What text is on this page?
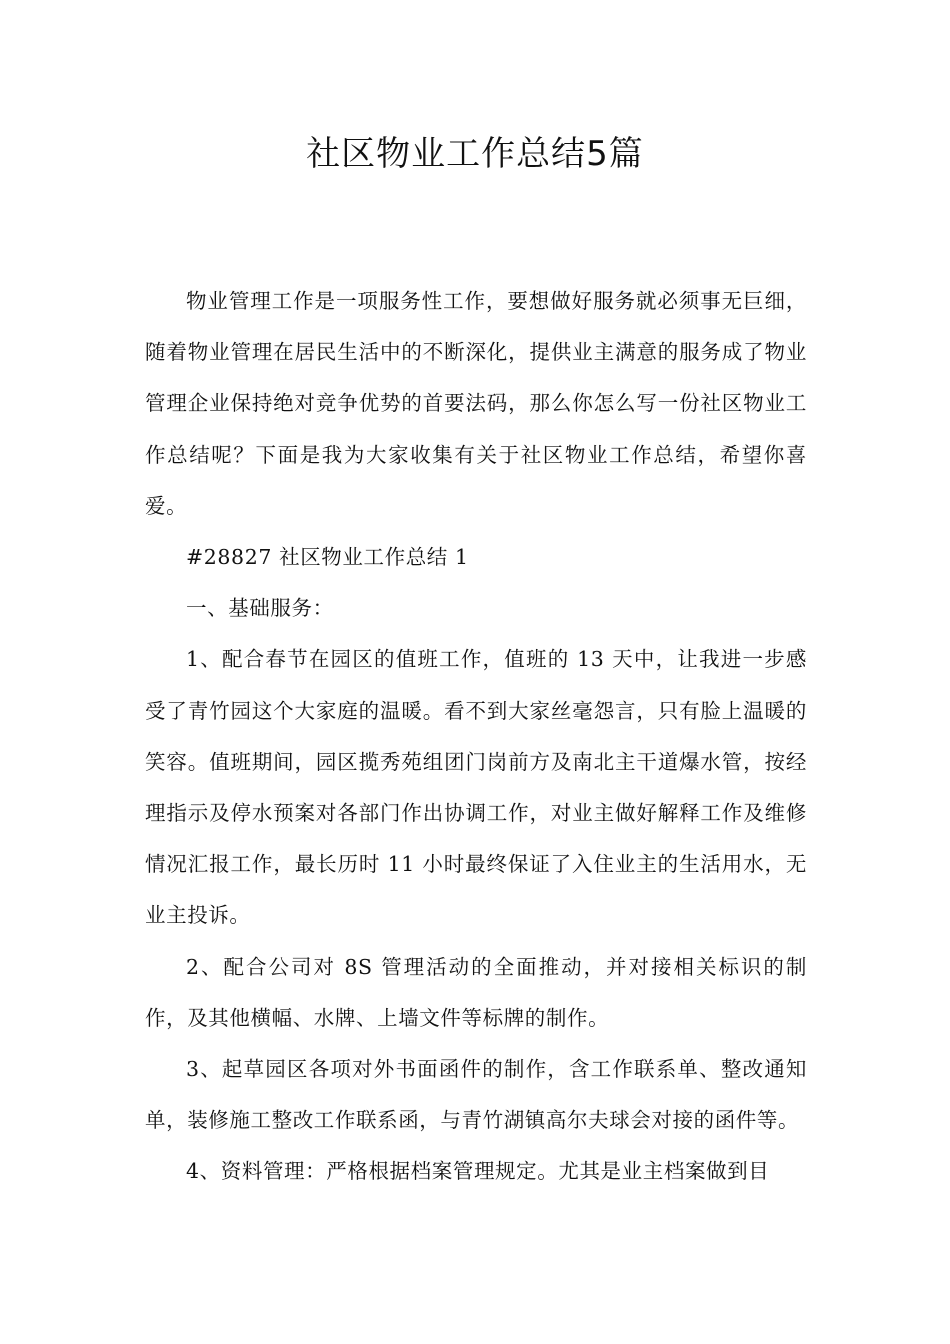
社区物业工作总结5篇

物业管理工作是一项服务性工作，要想做好服务就必须事无巨细，随着物业管理在居民生活中的不断深化，提供业主满意的服务成了物业管理企业保持绝对竞争优势的首要法码，那么你怎么写一份社区物业工作总结呢？下面是我为大家收集有关于社区物业工作总结，希望你喜爱。

#28827 社区物业工作总结 1

一、基础服务：

1、配合春节在园区的值班工作，值班的 13 天中，让我进一步感受了青竹园这个大家庭的温暖。看不到大家丝毫怨言，只有脸上温暖的笑容。值班期间，园区揽秀苑组团门岗前方及南北主干道爆水管，按经理指示及停水预案对各部门作出协调工作，对业主做好解释工作及维修情况汇报工作，最长历时 11 小时最终保证了入住业主的生活用水，无业主投诉。

2、配合公司对 8S 管理活动的全面推动，并对接相关标识的制作，及其他横幅、水牌、上墙文件等标牌的制作。

3、起草园区各项对外书面函件的制作，含工作联系单、整改通知单，装修施工整改工作联系函，与青竹湖镇高尔夫球会对接的函件等。

4、资料管理：严格根据档案管理规定。尤其是业主档案做到目
